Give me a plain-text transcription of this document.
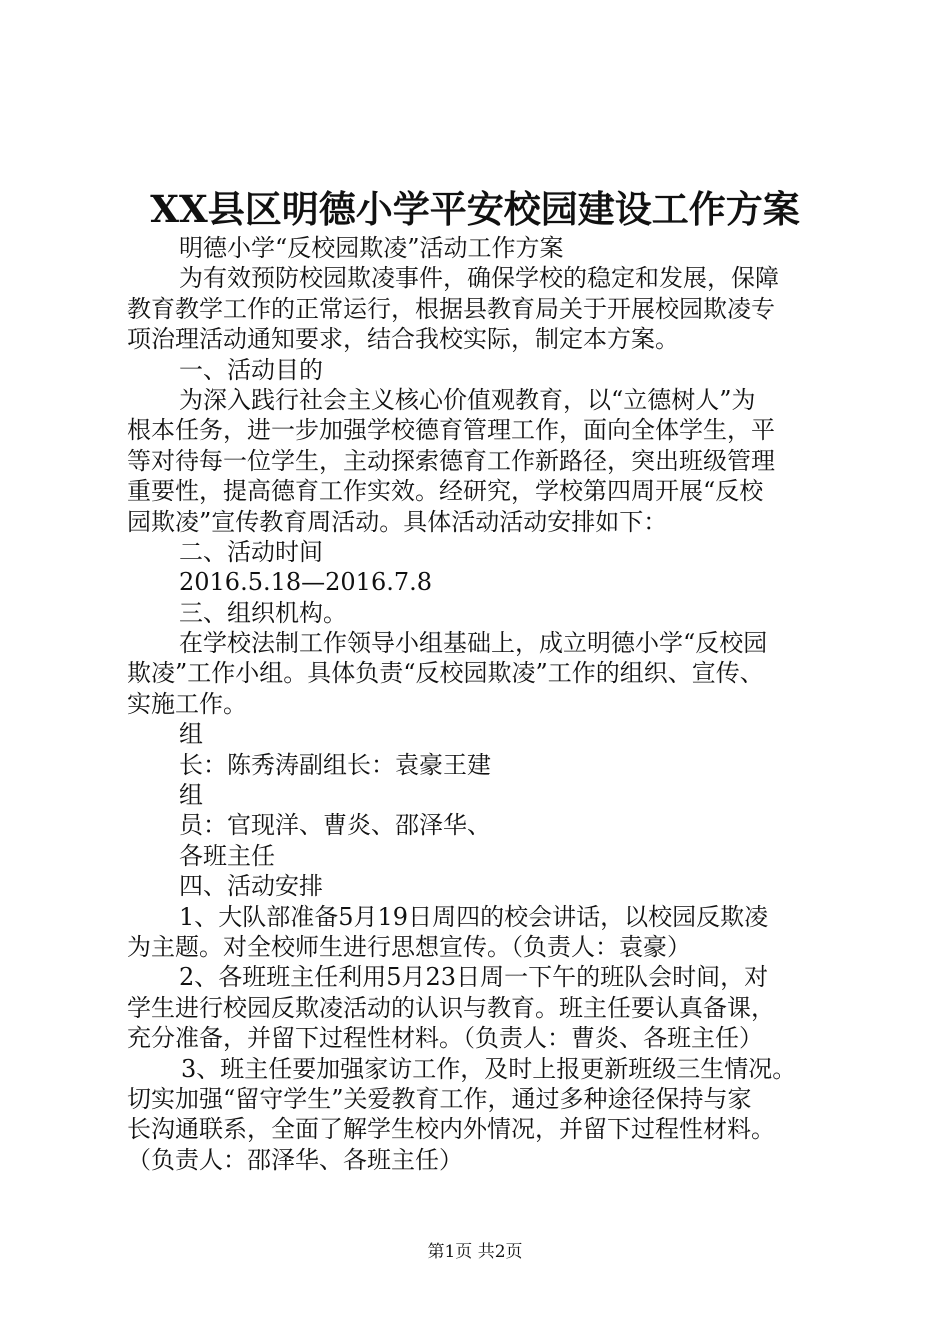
XX县区明德小学平安校园建设工作方案
明德小学“反校园欺凌”活动工作方案
为有效预防校园欺凌事件，确保学校的稳定和发展，保障
教育教学工作的正常运行，根据县教育局关于开展校园欺凌专
项治理活动通知要求，结合我校实际，制定本方案。
一、活动目的
为深入践行社会主义核心价值观教育，以“立德树人”为
根本任务，进一步加强学校德育管理工作，面向全体学生，平
等对待每一位学生，主动探索德育工作新路径，突出班级管理
重要性，提高德育工作实效。经研究，学校第四周开展“反校
园欺凌”宣传教育周活动。具体活动活动安排如下：
二、活动时间
2016.5.18—2016.7.8
三、组织机构。
在学校法制工作领导小组基础上，成立明德小学“反校园
欺凌”工作小组。具体负责“反校园欺凌”工作的组织、宣传、
实施工作。
组
长：陈秀涛副组长：袁豪王建
组
员：官现洋、曹炎、邵泽华、
各班主任
四、活动安排
1、大队部准备5月19日周四的校会讲话，以校园反欺凌
为主题。对全校师生进行思想宣传。（负责人：袁豪）
2、各班班主任利用5月23日周一下午的班队会时间，对
学生进行校园反欺凌活动的认识与教育。班主任要认真备课，
充分准备，并留下过程性材料。（负责人：曹炎、各班主任）
3、班主任要加强家访工作，及时上报更新班级三生情况。
切实加强“留守学生”关爱教育工作，通过多种途径保持与家
长沟通联系，全面了解学生校内外情况，并留下过程性材料。
（负责人：邵泽华、各班主任）
第1页 共2页
